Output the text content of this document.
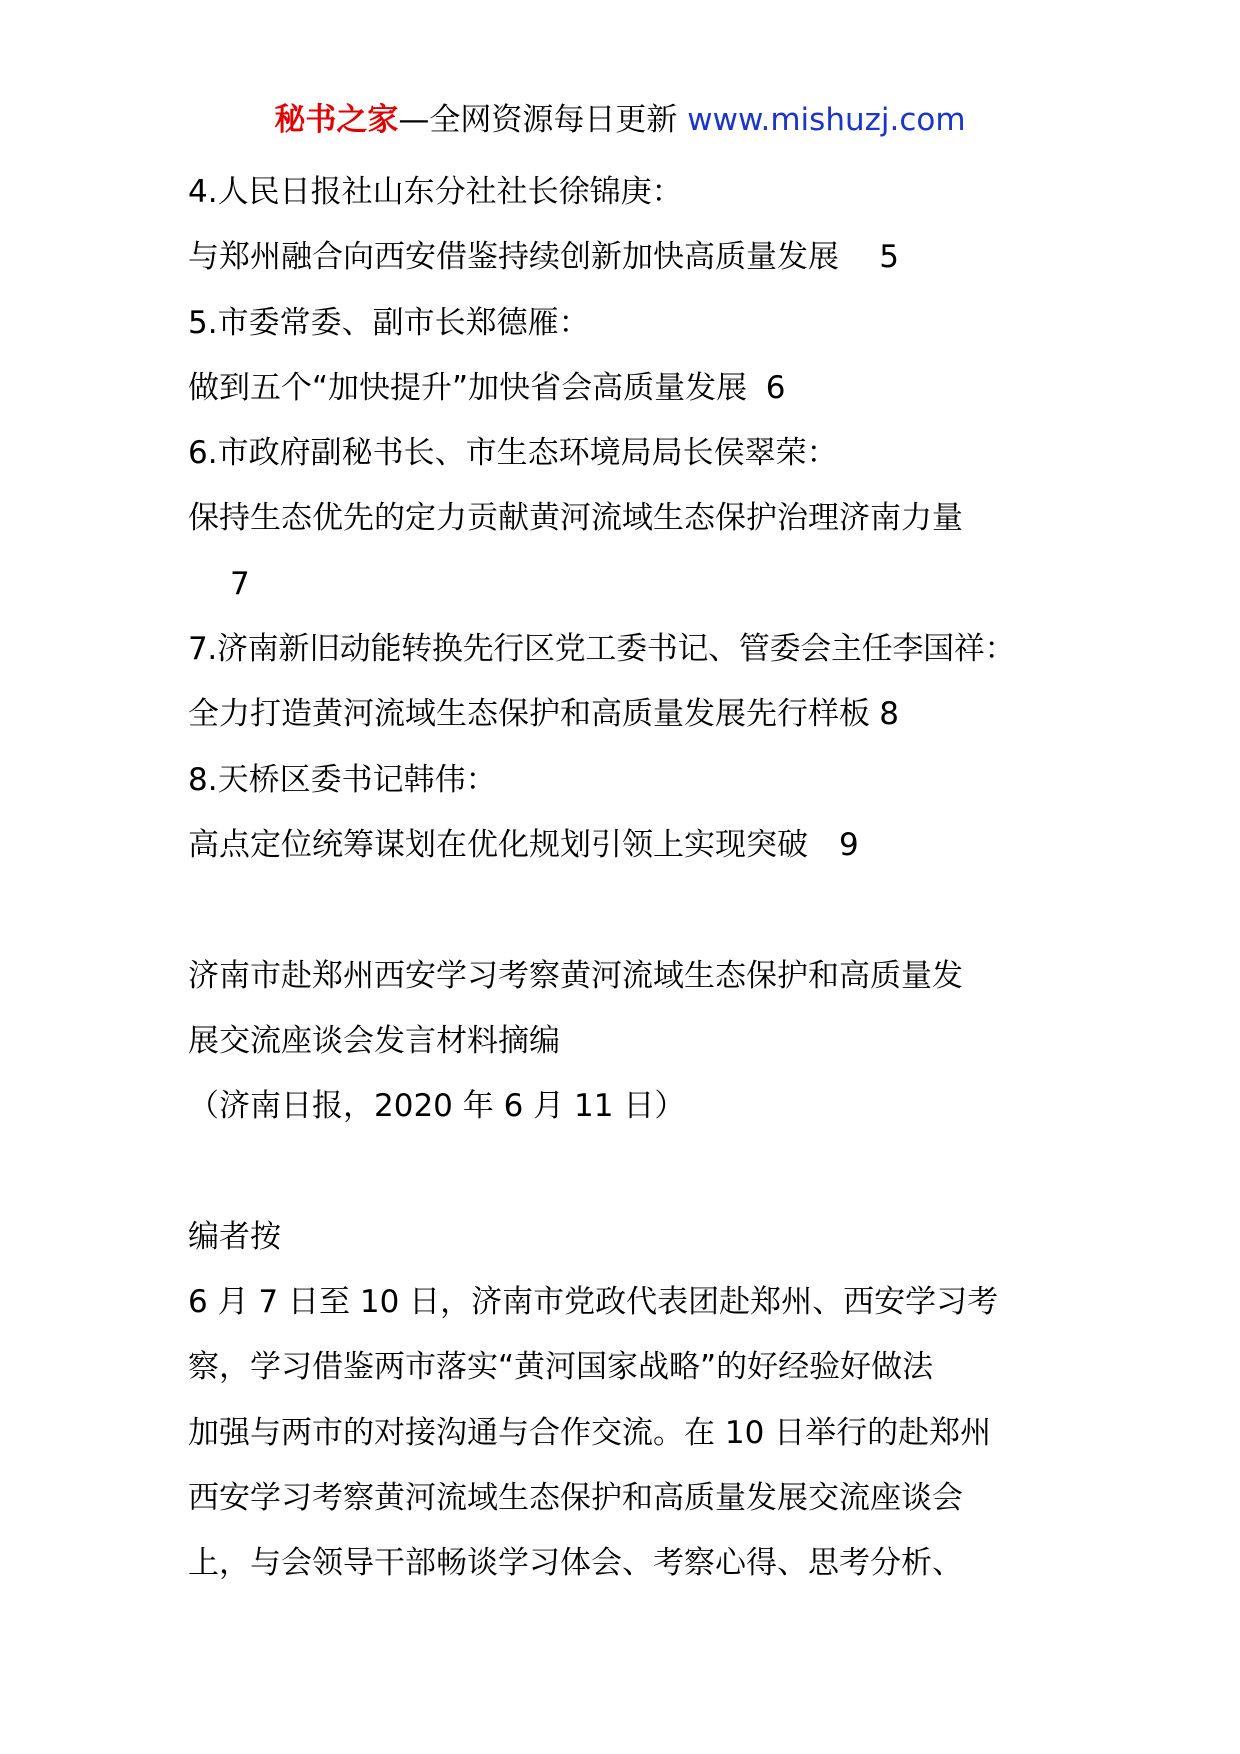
秘书之家—全网资源每日更新 www.mishuzj.com
4.人民日报社山东分社社长徐锦庚：
与郑州融合向西安借鉴持续创新加快高质量发展 5
5.市委常委、副市长郑德雁：
做到五个“加快提升”加快省会高质量发展 6
6.市政府副秘书长、市生态环境局局长侯翠荣：
保持生态优先的定力贡献黄河流域生态保护治理济南力量
7
7.济南新旧动能转换先行区党工委书记、管委会主任李国祥：
全力打造黄河流域生态保护和高质量发展先行样板 8
8.天桥区委书记韩伟：
高点定位统筹谋划在优化规划引领上实现突破 9
济南市赴郑州西安学习考察黄河流域生态保护和高质量发
展交流座谈会发言材料摘编
（济南日报，2020 年 6 月 11 日）
编者按
6 月 7 日至 10 日，济南市党政代表团赴郑州、西安学习考
察，学习借鉴两市落实“黄河国家战略”的好经验好做法
加强与两市的对接沟通与合作交流。在 10 日举行的赴郑州
西安学习考察黄河流域生态保护和高质量发展交流座谈会
上，与会领导干部畅谈学习体会、考察心得、思考分析、
